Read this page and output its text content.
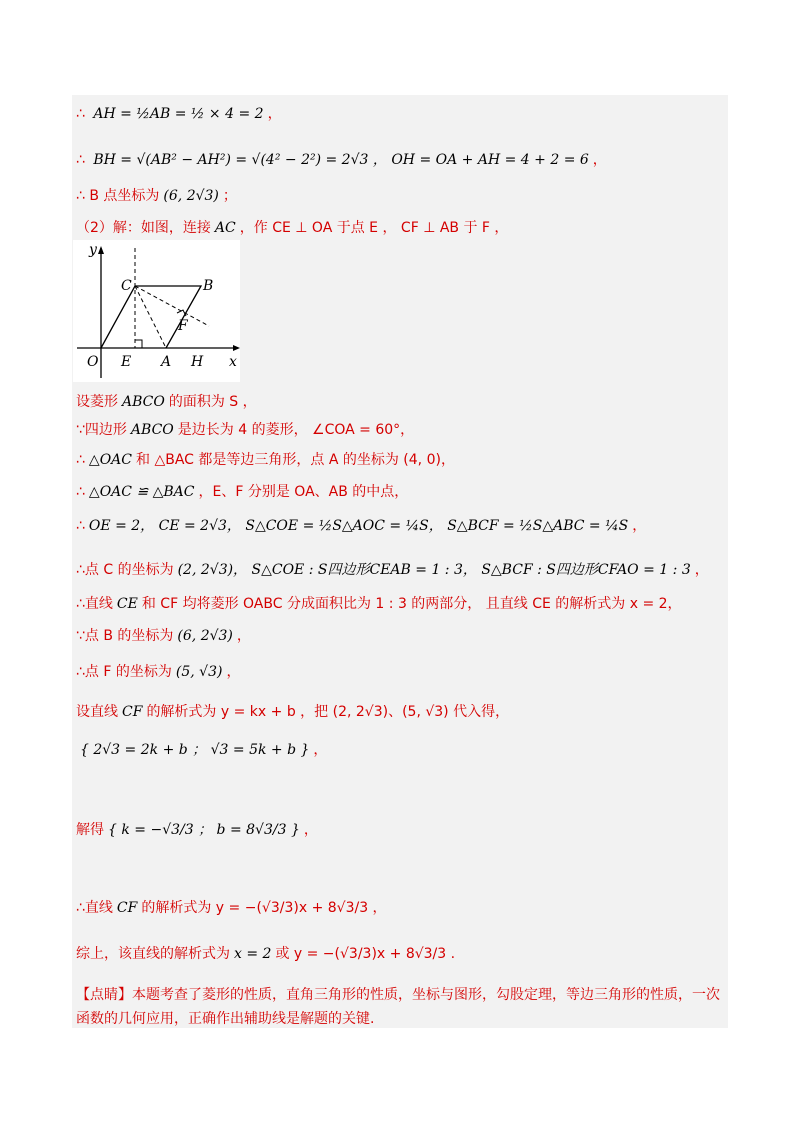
∴ AH = ½AB = ½ × 4 = 2 ，
∴ BH = √(AB² − AH²) = √(4² − 2²) = 2√3 ， OH = OA + AH = 4 + 2 = 6 ，
∴ B 点坐标为 (6, 2√3) ；
（2）解：如图，连接 AC ，作 CE ⊥ OA 于点 E ， CF ⊥ AB 于 F ，
设菱形 ABCO 的面积为 S ，
∵四边形 ABCO 是边长为 4 的菱形， ∠COA = 60°，
∴ △OAC 和 △BAC 都是等边三角形，点 A 的坐标为 (4, 0)，
∴ △OAC ≌ △BAC ，E、F 分别是 OA、AB 的中点，
∴ OE = 2， CE = 2√3， S△COE = ½S△AOC = ¼S， S△BCF = ½S△ABC = ¼S ，
∴点 C 的坐标为 (2, 2√3)， S△COE : S四边形CEAB = 1 : 3， S△BCF : S四边形CFAO = 1 : 3 ，
∴直线 CE 和 CF 均将菱形 OABC 分成面积比为 1 : 3 的两部分， 且直线 CE 的解析式为 x = 2，
∵点 B 的坐标为 (6, 2√3) ，
∴点 F 的坐标为 (5, √3) ，
设直线 CF 的解析式为 y = kx + b ，把 (2, 2√3)、(5, √3) 代入得，
{ 2√3 = 2k + b ； √3 = 5k + b } ，
解得 { k = −√3/3 ； b = 8√3/3 } ，
∴直线 CF 的解析式为 y = −(√3/3)x + 8√3/3 ，
综上，该直线的解析式为 x = 2 或 y = −(√3/3)x + 8√3/3 .
【点睛】本题考查了菱形的性质，直角三角形的性质，坐标与图形，勾股定理，等边三角形的性质，一次
函数的几何应用，正确作出辅助线是解题的关键.
y
x
C	B
F
O E A H
